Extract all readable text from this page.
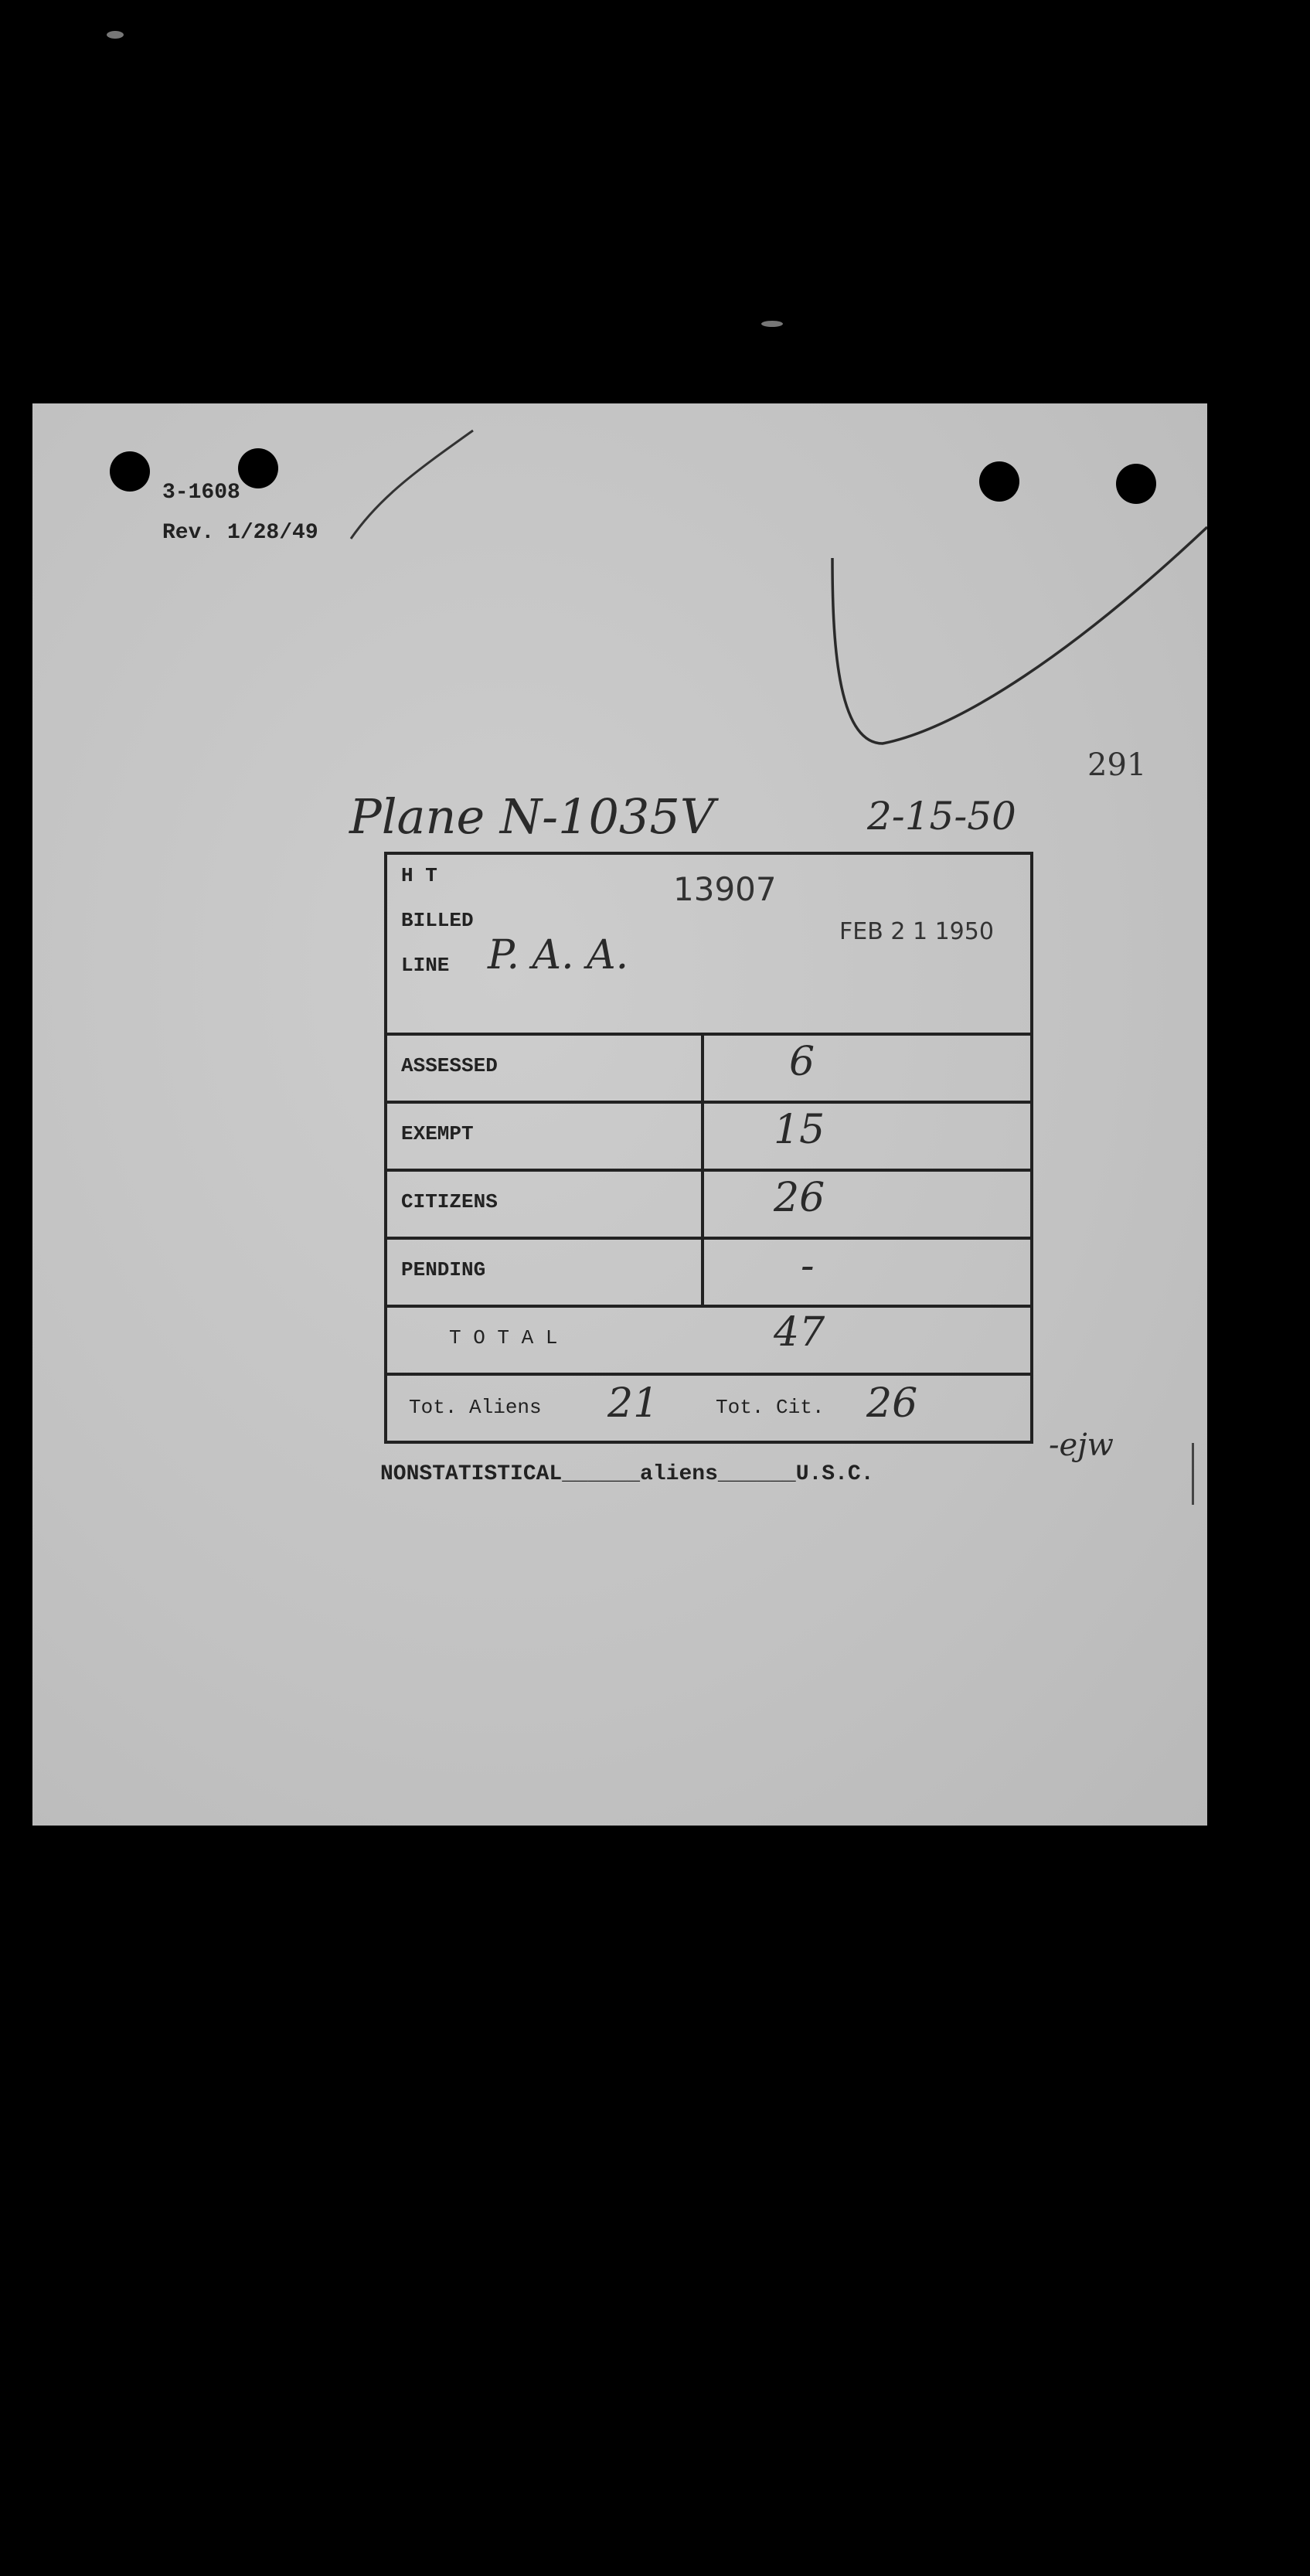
3-1608
Rev. 1/28/49
291
Plane N-1035V	2-15-50
H T	13907
BILLED
LINE P. A. A.
FEB 2 1 1950
ASSESSED	6
EXEMPT	15
CITIZENS	26
PENDING	-
T O T A L	47
Tot. Aliens 21	Tot. Cit. 26
NONSTATISTICAL______aliens______U.S.C.
-ejw
